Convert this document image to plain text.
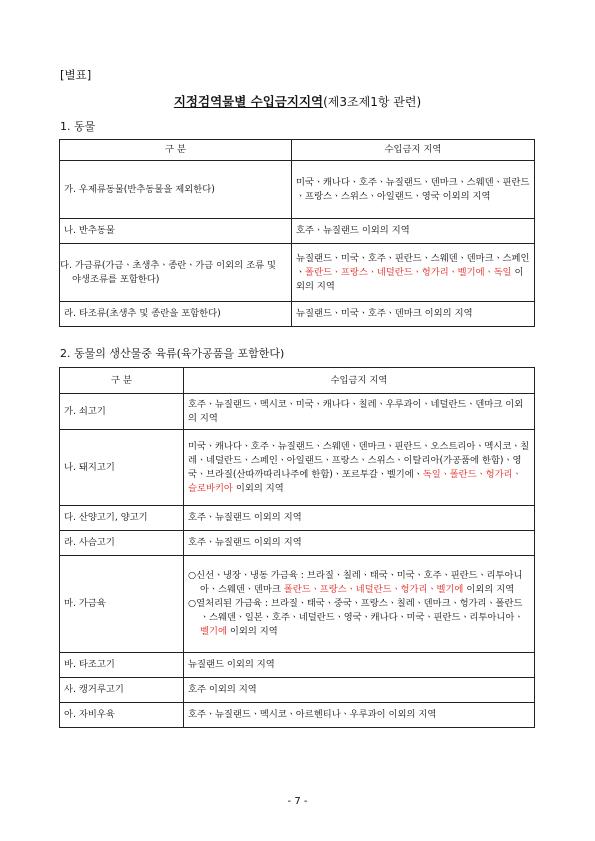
[별표]
지정검역물별 수입금지지역(제3조제1항 관련)
1. 동물
구 분	수입금지 지역
가. 우제류동물(반추동물을 제외한다)	미국ㆍ캐나다ㆍ호주ㆍ뉴질랜드ㆍ덴마크ㆍ스웨덴ㆍ핀란드ㆍ프랑스ㆍ스위스ㆍ아일랜드ㆍ영국 이외의 지역
나. 반추동물	호주ㆍ뉴질랜드 이외의 지역
다. 가금류(가금ㆍ초생추ㆍ종란ㆍ가금 이외의 조류 및 야생조류를 포함한다)	뉴질랜드ㆍ미국ㆍ호주ㆍ핀란드ㆍ스웨덴ㆍ덴마크ㆍ스페인ㆍ폴란드ㆍ프랑스ㆍ네덜란드ㆍ헝가리ㆍ벨기에ㆍ독일 이외의 지역
라. 타조류(초생추 및 종란을 포함한다)	뉴질랜드ㆍ미국ㆍ호주ㆍ덴마크 이외의 지역
2. 동물의 생산물중 육류(육가공품을 포함한다)
구 분	수입금지 지역
가. 쇠고기	호주ㆍ뉴질랜드ㆍ멕시코ㆍ미국ㆍ캐나다ㆍ칠레ㆍ우루과이ㆍ네덜란드ㆍ덴마크 이외의 지역
나. 돼지고기	미국ㆍ캐나다ㆍ호주ㆍ뉴질랜드ㆍ스웨덴ㆍ덴마크ㆍ핀란드ㆍ오스트리아ㆍ멕시코ㆍ칠레ㆍ네덜란드ㆍ스페인ㆍ아일랜드ㆍ프랑스ㆍ스위스ㆍ이탈리아(가공품에 한함)ㆍ영국ㆍ브라질(산따까따리나주에 한함)ㆍ포르투갈ㆍ벨기에ㆍ독일ㆍ폴란드ㆍ헝가리ㆍ슬로바키아 이외의 지역
다. 산양고기, 양고기	호주ㆍ뉴질랜드 이외의 지역
라. 사슴고기	호주ㆍ뉴질랜드 이외의 지역
마. 가금육	○신선ㆍ냉장ㆍ냉동 가금육 : 브라질ㆍ칠레ㆍ태국ㆍ미국ㆍ호주ㆍ핀란드ㆍ리투아니아ㆍ스웨덴ㆍ덴마크 폴란드ㆍ프랑스ㆍ네덜란드ㆍ헝가리ㆍ벨기에 이외의 지역
○열처리된 가금육 : 브라질ㆍ태국ㆍ중국ㆍ프랑스ㆍ칠레ㆍ덴마크ㆍ헝가리ㆍ폴란드ㆍ스웨덴ㆍ일본ㆍ호주ㆍ네덜란드ㆍ영국ㆍ캐나다ㆍ미국ㆍ핀란드ㆍ리투아니아ㆍ벨기에 이외의 지역

바. 타조고기	뉴질랜드 이외의 지역
사. 캥거루고기	호주 이외의 지역
아. 자비우육	호주ㆍ뉴질랜드ㆍ멕시코ㆍ아르헨티나ㆍ우루과이 이외의 지역
- 7 -
